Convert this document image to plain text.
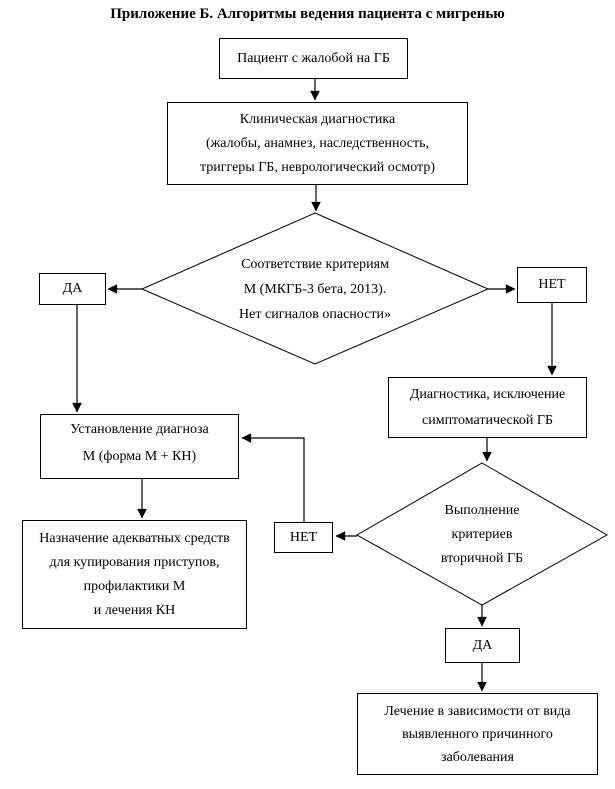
Приложение Б. Алгоритмы ведения пациента с мигренью
Пациент с жалобой на ГБ
Клиническая диагностика
(жалобы, анамнез, наследственность,
триггеры ГБ, неврологический осмотр)
Соответствие критериям
М (МКГБ-3 бета, 2013).
Нет сигналов опасности»
ДА	НЕТ
Установление диагноза
М (форма М + КН)
Диагностика, исключение
симптоматической ГБ
Выполнение
критериев
вторичной ГБ
НЕТ
Назначение адекватных средств
для купирования приступов,
профилактики М
и лечения КН
ДА
Лечение в зависимости от вида
выявленного причинного
заболевания
